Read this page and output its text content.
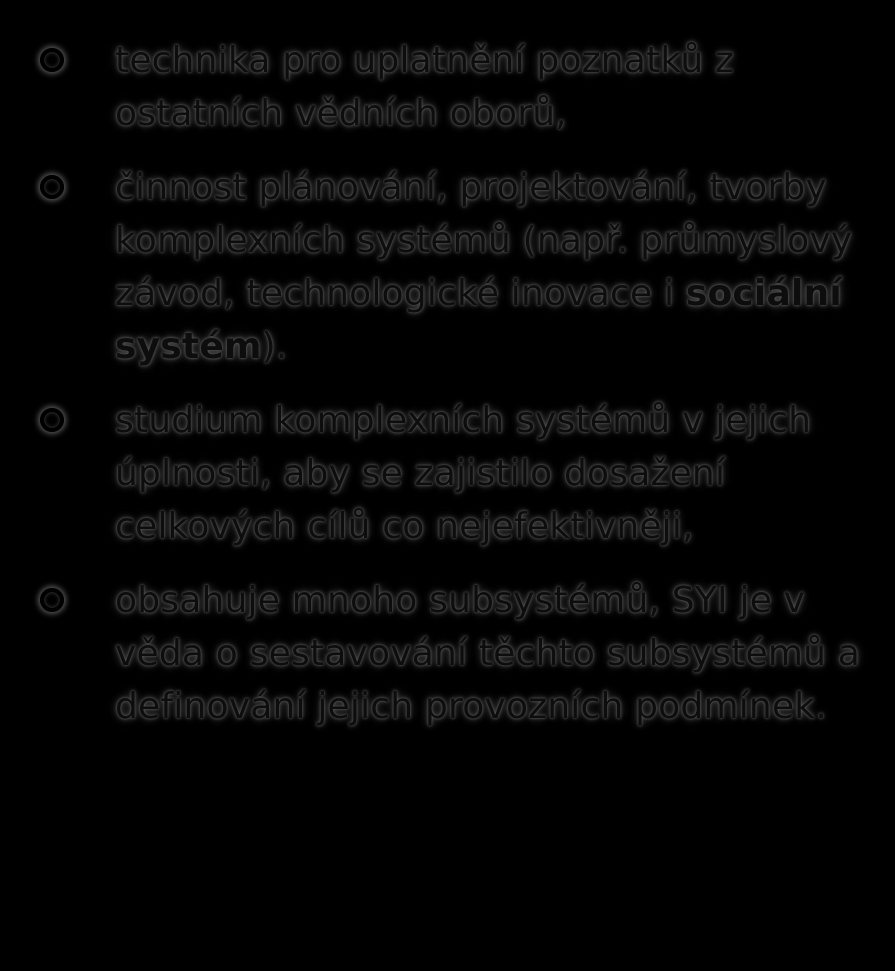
technika pro uplatnění poznatků z ostatních vědních oborů,
činnost plánování, projektování, tvorby komplexních systémů (např. průmyslový závod, technologické inovace i sociální systém).
studium komplexních systémů v jejich úplnosti, aby se zajistilo dosažení celkových cílů co nejefektivněji,
obsahuje mnoho subsystémů, SYI je v věda o sestavování těchto subsystémů a definování jejich provozních podmínek.
